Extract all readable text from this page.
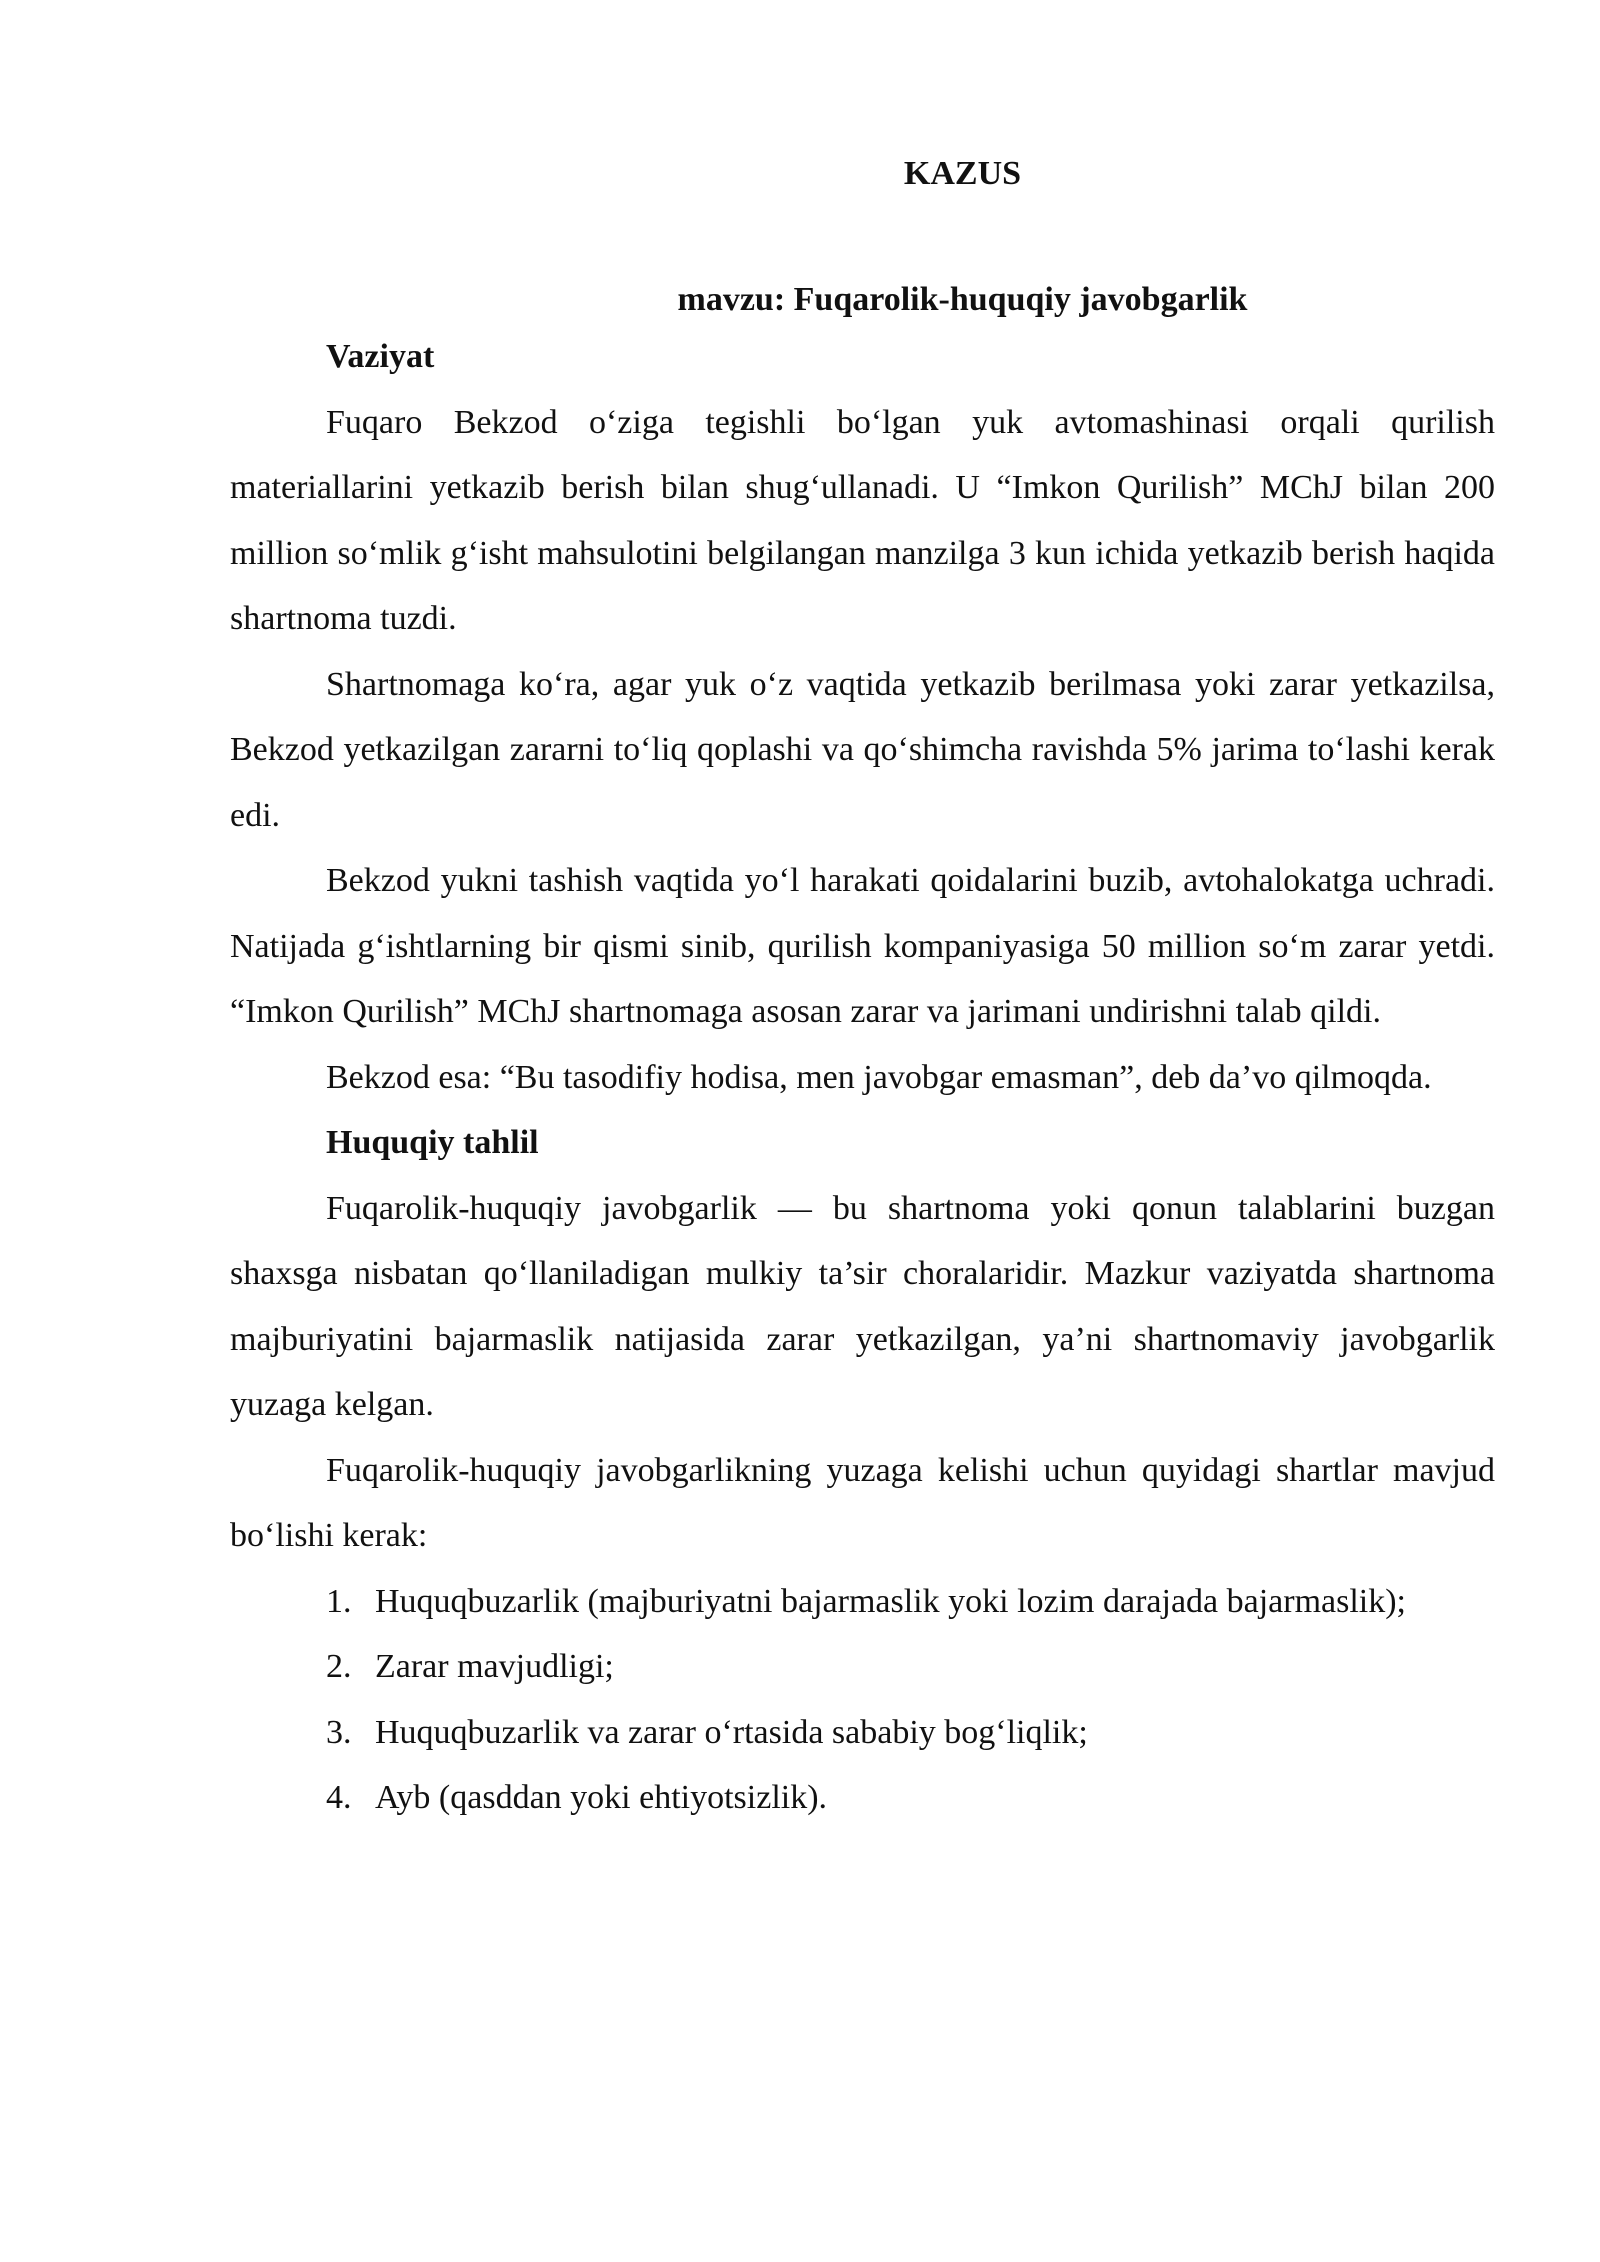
KAZUS
mavzu: Fuqarolik-huquqiy javobgarlik
Vaziyat

Fuqaro Bekzod o‘ziga tegishli bo‘lgan yuk avtomashinasi orqali qurilish materiallarini yetkazib berish bilan shug‘ullanadi. U “Imkon Qurilish” MChJ bilan 200 million so‘mlik g‘isht mahsulotini belgilangan manzilga 3 kun ichida yetkazib berish haqida shartnoma tuzdi.

Shartnomaga ko‘ra, agar yuk o‘z vaqtida yetkazib berilmasa yoki zarar yetkazilsa, Bekzod yetkazilgan zararni to‘liq qoplashi va qo‘shimcha ravishda 5% jarima to‘lashi kerak edi.

Bekzod yukni tashish vaqtida yo‘l harakati qoidalarini buzib, avtohalokatga uchradi. Natijada g‘ishtlarning bir qismi sinib, qurilish kompaniyasiga 50 million so‘m zarar yetdi. “Imkon Qurilish” MChJ shartnomaga asosan zarar va jarimani undirishni talab qildi.

Bekzod esa: “Bu tasodifiy hodisa, men javobgar emasman”, deb da’vo qilmoqda.

Huquqiy tahlil

Fuqarolik-huquqiy javobgarlik — bu shartnoma yoki qonun talablarini buzgan shaxsga nisbatan qo‘llaniladigan mulkiy ta’sir choralaridir. Mazkur vaziyatda shartnoma majburiyatini bajarmaslik natijasida zarar yetkazilgan, ya’ni shartnomaviy javobgarlik yuzaga kelgan.

Fuqarolik-huquqiy javobgarlikning yuzaga kelishi uchun quyidagi shartlar mavjud bo‘lishi kerak:

1. Huquqbuzarlik (majburiyatni bajarmaslik yoki lozim darajada bajarmaslik);
2. Zarar mavjudligi;
3. Huquqbuzarlik va zarar o‘rtasida sababiy bog‘liqlik;
4. Ayb (qasddan yoki ehtiyotsizlik).
